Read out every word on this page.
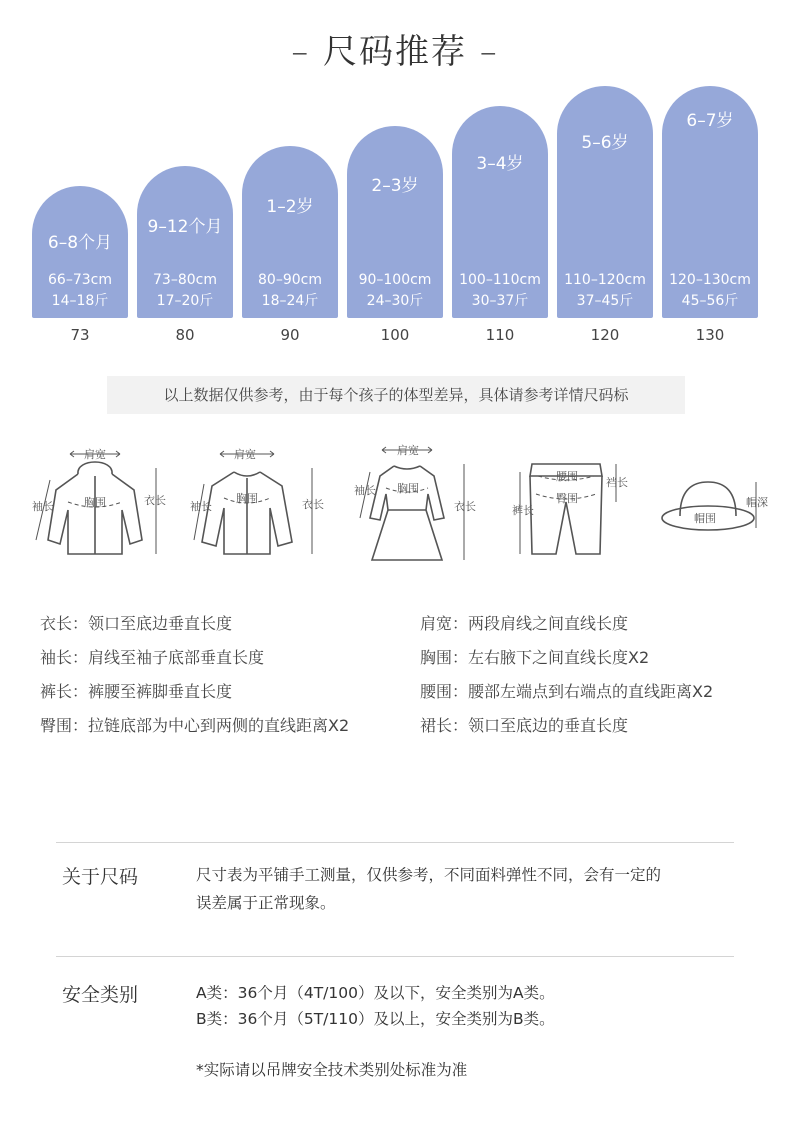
– 尺码推荐 –
6–8个月
66–73cm
14–18斤
73
9–12个月
73–80cm
17–20斤
80
1–2岁
80–90cm
18–24斤
90
2–3岁
90–100cm
24–30斤
100
3–4岁
100–110cm
30–37斤
110
5–6岁
110–120cm
37–45斤
120
6–7岁
120–130cm
45–56斤
130
以上数据仅供参考，由于每个孩子的体型差异，具体请参考详情尺码标
肩宽
胸围	衣长
袖长
肩宽
胸围	衣长
袖长
肩宽
胸围
衣长
袖长
腰围
臀围
裤长
裆长
帽围
帽深
衣长：领口至底边垂直长度
袖长：肩线至袖子底部垂直长度
裤长：裤腰至裤脚垂直长度
臀围：拉链底部为中心到两侧的直线距离X2
肩宽：两段肩线之间直线长度
胸围：左右腋下之间直线长度X2
腰围：腰部左端点到右端点的直线距离X2
裙长：领口至底边的垂直长度
关于尺码	尺寸表为平铺手工测量，仅供参考，不同面料弹性不同，会有一定的
误差属于正常现象。
安全类别	A类：36个月（4T/100）及以下，安全类别为A类。
B类：36个月（5T/110）及以上，安全类别为B类。
*实际请以吊牌安全技术类别处标准为准
